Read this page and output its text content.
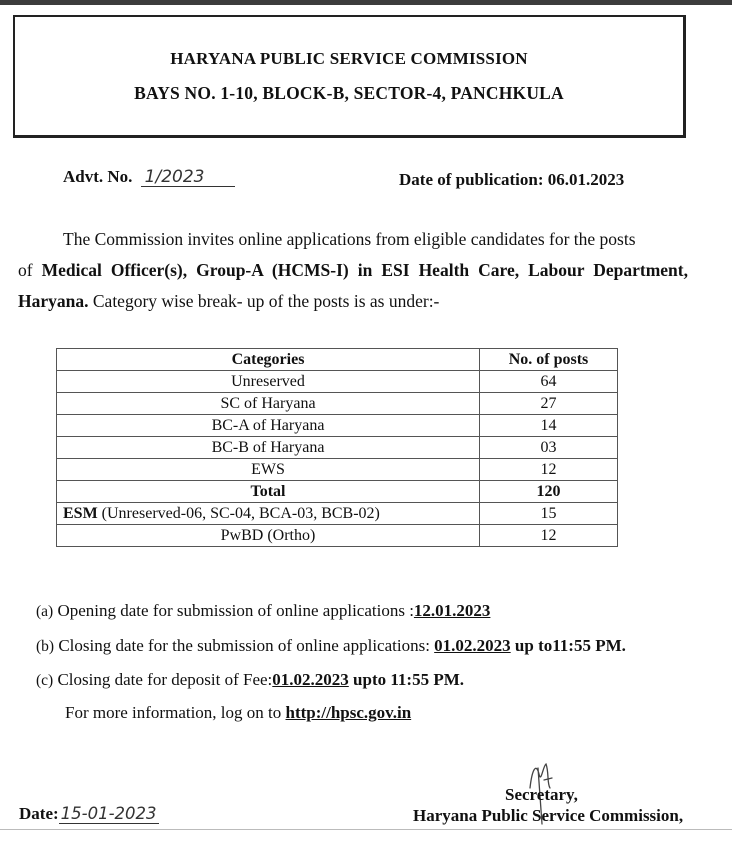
HARYANA PUBLIC SERVICE COMMISSION
BAYS NO. 1-10, BLOCK-B, SECTOR-4, PANCHKULA
Advt. No. 1/2023	Date of publication: 06.01.2023
The Commission invites online applications from eligible candidates for the posts
of Medical Officer(s), Group-A (HCMS-I) in ESI Health Care, Labour Department, Haryana. Category wise break- up of the posts is as under:-
Categories	No. of posts
Unreserved	64
SC of Haryana	27
BC-A of Haryana	14
BC-B of Haryana	03
EWS	12
Total	120
ESM (Unreserved-06, SC-04, BCA-03, BCB-02)	15
PwBD (Ortho)	12
(a) Opening date for submission of online applications :12.01.2023
(b) Closing date for the submission of online applications: 01.02.2023 up to11:55 PM.
(c) Closing date for deposit of Fee:01.02.2023 upto 11:55 PM.
For more information, log on to http://hpsc.gov.in
Date: 15-01-2023
Secretary,
Haryana Public Service Commission,
